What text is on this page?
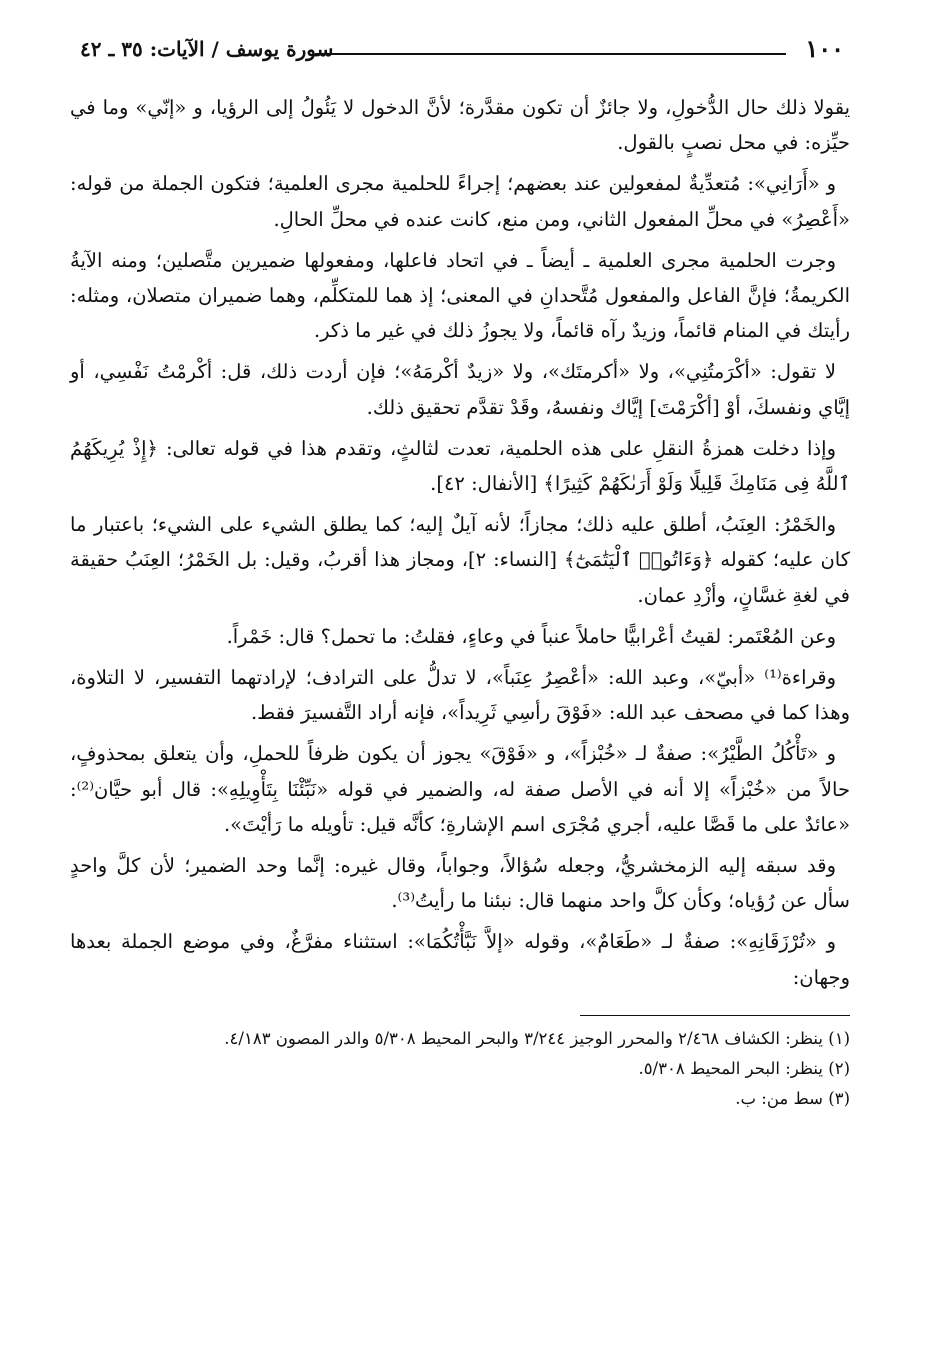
١٠٠
سورة يوسف / الآيات: ٣٥ ـ ٤٢

يقولا ذلك حال الدُّخولِ، ولا جائزٌ أن تكون مقدَّرة؛ لأنَّ الدخول لا يَئُولُ إلى الرؤيا، و «إنّي» وما في حيِّزه: في محل نصبٍ بالقول.

و «أَرَانِي»: مُتعدِّيةٌ لمفعولين عند بعضهم؛ إجراءً للحلمية مجرى العلمية؛ فتكون الجملة من قوله: «أَعْصِرُ» في محلِّ المفعول الثاني، ومن منع، كانت عنده في محلِّ الحالِ.

وجرت الحلمية مجرى العلمية ـ أيضاً ـ في اتحاد فاعلها، ومفعولها ضميرين متَّصلين؛ ومنه الآيةُ الكريمةُ؛ فإنَّ الفاعل والمفعول مُتَّحدانِ في المعنى؛ إذ هما للمتكلِّم، وهما ضميران متصلان، ومثله: رأيتك في المنام قائماً، وزيدٌ رآه قائماً، ولا يجوزُ ذلك في غير ما ذكر.

لا تقول: «أكْرَمتُنِي»، ولا «أكرمتَك»، ولا «زيدٌ أكْرمَهُ»؛ فإن أردت ذلك، قل: أكْرمْتُ نَفْسِي، أو إيَّاي ونفسكَ، أوْ [أكْرَمْتَ] إيَّاك ونفسهُ، وقَدْ تقدَّم تحقيق ذلك.

وإذا دخلت همزةُ النقلِ على هذه الحلمية، تعدت لثالثٍ، وتقدم هذا في قوله تعالى: ﴿إِذْ يُرِيكَهُمُ ٱللَّهُ فِى مَنَامِكَ قَلِيلًا وَلَوْ أَرَىٰكَهُمْ كَثِيرًا﴾ [الأنفال: ٤٢].

والخَمْرُ: العِنَبُ، أطلق عليه ذلك؛ مجازاً؛ لأنه آيلٌ إليه؛ كما يطلق الشيء على الشيء؛ باعتبار ما كان عليه؛ كقوله ﴿وَءَاتُوا۟ ٱلْيَتَٰمَىٰٓ﴾ [النساء: ٢]، ومجاز هذا أقربُ، وقيل: بل الخَمْرُ؛ العِنَبُ حقيقة في لغةِ غسَّانٍ، وأزْدِ عمان.

وعن المُعْتَمر: لقيتُ أعْرابيًّا حاملاً عنباً في وعاءٍ، فقلتُ: ما تحمل؟ قال: خَمْراً.

وقراءة⁽¹⁾ «أبيّ»، وعبد الله: «أعْصِرُ عِنَباً»، لا تدلُّ على الترادف؛ لإرادتهما التفسير، لا التلاوة، وهذا كما في مصحف عبد الله: «فَوْقَ رأسِي ثَرِيداً»، فإنه أراد التَّفسيرَ فقط.

و «تَأْكُلُ الطَّيْرُ»: صفةٌ لـ «خُبْزاً»، و «فَوْقَ» يجوز أن يكون ظرفاً للحملِ، وأن يتعلق بمحذوفٍ، حالاً من «خُبْزاً» إلا أنه في الأصل صفة له، والضمير في قوله «نَبِّئْنَا بِتَأْوِيلِهِ»: قال أبو حيَّان⁽²⁾: «عائدٌ على ما قَصَّا عليه، أجري مُجْرَى اسم الإشارةِ؛ كأنَّه قيل: تأويله ما رَأيْتَ».

وقد سبقه إليه الزمخشريُّ، وجعله سُؤالاً، وجواباً، وقال غيره: إنَّما وحد الضمير؛ لأن كلَّ واحدٍ سأل عن رُؤياه؛ وكأن كلَّ واحد منهما قال: نبئنا ما رأيتُ⁽³⁾.

و «تُرْزَقَانِهِ»: صفةٌ لـ «طَعَامٌ»، وقوله «إلاَّ نَبَّأْتُكُمَا»: استثناء مفرَّغٌ، وفي موضع الجملة بعدها وجهان:

(١) ينظر: الكشاف ٢/٤٦٨ والمحرر الوجيز ٣/٢٤٤ والبحر المحيط ٥/٣٠٨ والدر المصون ٤/١٨٣.

(٢) ينظر: البحر المحيط ٥/٣٠٨.

(٣) سط من: ب.
